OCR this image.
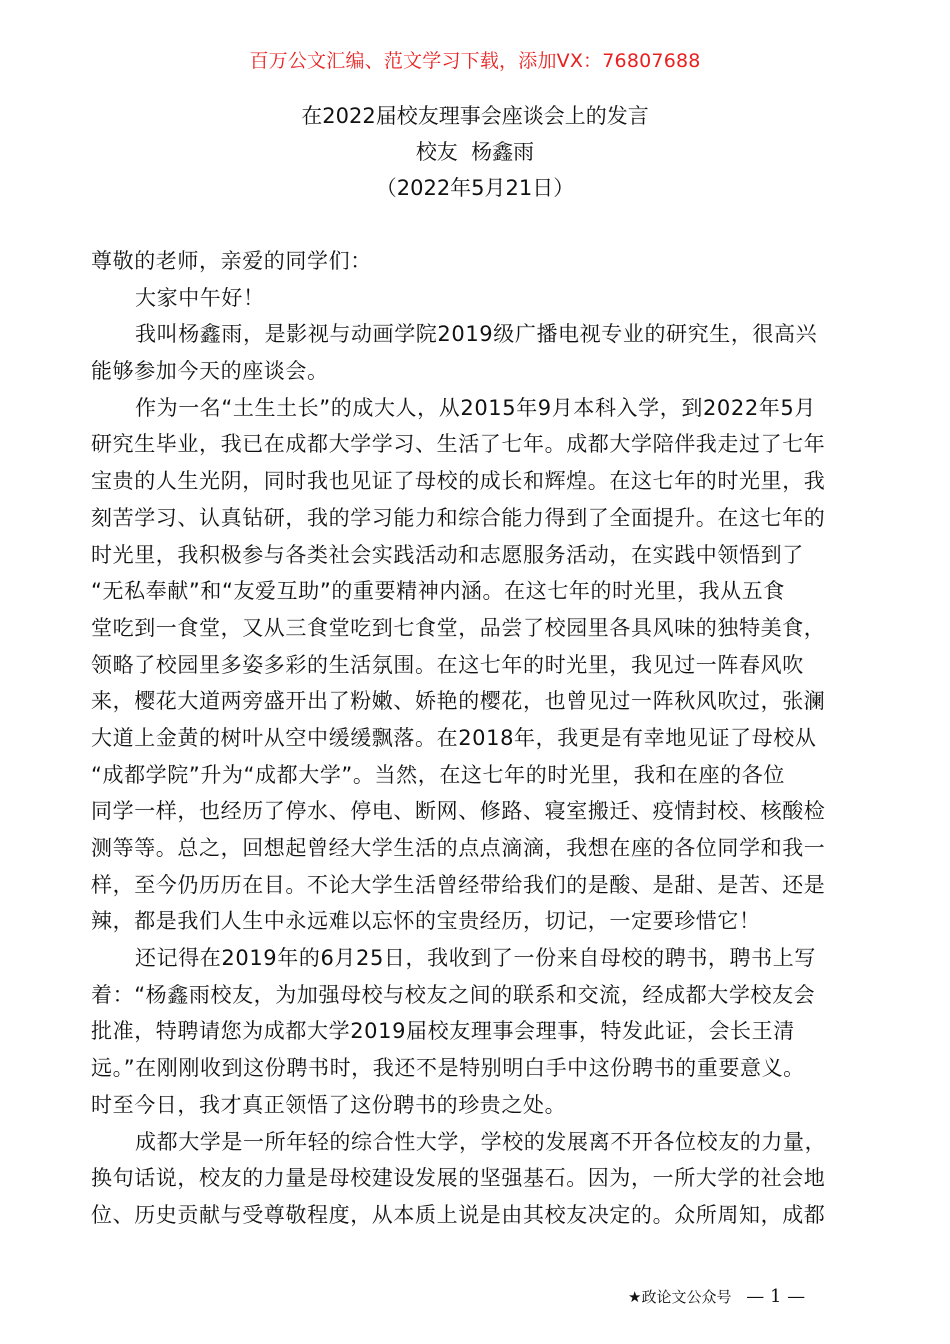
百万公文汇编、范文学习下载，添加VX：76807688
在2022届校友理事会座谈会上的发言
校友  杨鑫雨
（2022年5月21日）
尊敬的老师，亲爱的同学们：
大家中午好！
我叫杨鑫雨，是影视与动画学院2019级广播电视专业的研究生，很高兴
能够参加今天的座谈会。
作为一名“土生土长”的成大人，从2015年9月本科入学，到2022年5月
研究生毕业，我已在成都大学学习、生活了七年。成都大学陪伴我走过了七年
宝贵的人生光阴，同时我也见证了母校的成长和辉煌。在这七年的时光里，我
刻苦学习、认真钻研，我的学习能力和综合能力得到了全面提升。在这七年的
时光里，我积极参与各类社会实践活动和志愿服务活动，在实践中领悟到了
“无私奉献”和“友爱互助”的重要精神内涵。在这七年的时光里，我从五食
堂吃到一食堂，又从三食堂吃到七食堂，品尝了校园里各具风味的独特美食，
领略了校园里多姿多彩的生活氛围。在这七年的时光里，我见过一阵春风吹
来，樱花大道两旁盛开出了粉嫩、娇艳的樱花，也曾见过一阵秋风吹过，张澜
大道上金黄的树叶从空中缓缓飘落。在2018年，我更是有幸地见证了母校从
“成都学院”升为“成都大学”。当然，在这七年的时光里，我和在座的各位
同学一样，也经历了停水、停电、断网、修路、寝室搬迁、疫情封校、核酸检
测等等。总之，回想起曾经大学生活的点点滴滴，我想在座的各位同学和我一
样，至今仍历历在目。不论大学生活曾经带给我们的是酸、是甜、是苦、还是
辣，都是我们人生中永远难以忘怀的宝贵经历，切记，一定要珍惜它！
还记得在2019年的6月25日，我收到了一份来自母校的聘书，聘书上写
着：“杨鑫雨校友，为加强母校与校友之间的联系和交流，经成都大学校友会
批准，特聘请您为成都大学2019届校友理事会理事，特发此证，会长王清
远。”在刚刚收到这份聘书时，我还不是特别明白手中这份聘书的重要意义。
时至今日，我才真正领悟了这份聘书的珍贵之处。
成都大学是一所年轻的综合性大学，学校的发展离不开各位校友的力量，
换句话说，校友的力量是母校建设发展的坚强基石。因为，一所大学的社会地
位、历史贡献与受尊敬程度，从本质上说是由其校友决定的。众所周知，成都
★政论文公众号 — 1 —
